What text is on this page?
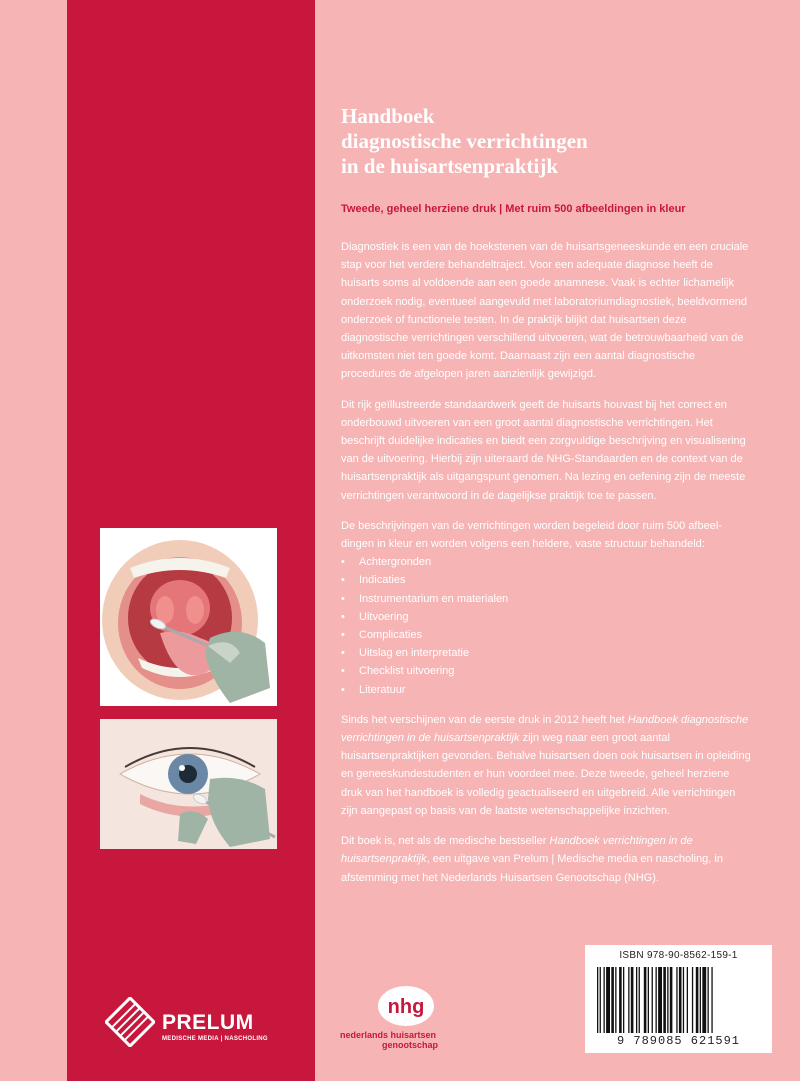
Handboek
diagnostische verrichtingen
in de huisartsenpraktijk
Tweede, geheel herziene druk | Met ruim 500 afbeeldingen in kleur

Diagnostiek is een van de hoekstenen van de huisartsgeneeskunde en een cruciale stap voor het verdere behandeltraject. Voor een adequate diagnose heeft de huisarts soms al voldoende aan een goede anamnese. Vaak is echter lichamelijk onderzoek nodig, eventueel aangevuld met laboratoriumdiagnostiek, beeldvormend onderzoek of functionele testen. In de praktijk blijkt dat huisartsen deze diagnostische verrichtingen verschillend uitvoeren, wat de betrouwbaarheid van de uitkomsten niet ten goede komt. Daarnaast zijn een aantal diagnostische procedures de afgelopen jaren aanzienlijk gewijzigd.

Dit rijk geïllustreerde standaardwerk geeft de huisarts houvast bij het correct en onderbouwd uitvoeren van een groot aantal diagnostische verrichtingen. Het beschrijft duidelijke indicaties en biedt een zorgvuldige beschrijving en visualisering van de uitvoering. Hierbij zijn uiteraard de NHG-Standaarden en de context van de huisartsenpraktijk als uitgangspunt genomen. Na lezing en oefening zijn de meeste verrichtingen verantwoord in de dagelijkse praktijk toe te passen.

De beschrijvingen van de verrichtingen worden begeleid door ruim 500 afbeeldingen in kleur en worden volgens een heldere, vaste structuur behandeld:

•	Achtergronden
•	Indicaties
•	Instrumentarium en materialen
•	Uitvoering
•	Complicaties
•	Uitslag en interpretatie
•	Checklist uitvoering
•	Literatuur

Sinds het verschijnen van de eerste druk in 2012 heeft het Handboek diagnostische verrichtingen in de huisartsenpraktijk zijn weg naar een groot aantal huisartsenpraktijken gevonden. Behalve huisartsen doen ook huisartsen in opleiding en geneeskundestudenten er hun voordeel mee. Deze tweede, geheel herziene druk van het handboek is volledig geactualiseerd en uitgebreid. Alle verrichtingen zijn aangepast op basis van de laatste wetenschappelijke inzichten.

Dit boek is, net als de medische bestseller Handboek verrichtingen in de huisartsenpraktijk, een uitgave van Prelum | Medische media en nascholing, in afstemming met het Nederlands Huisartsen Genootschap (NHG).

PRELUM
MEDISCHE MEDIA | NASCHOLING
nhg
nederlands huisartsen
genootschap
ISBN 978-90-8562-159-1
9 789085 621591
